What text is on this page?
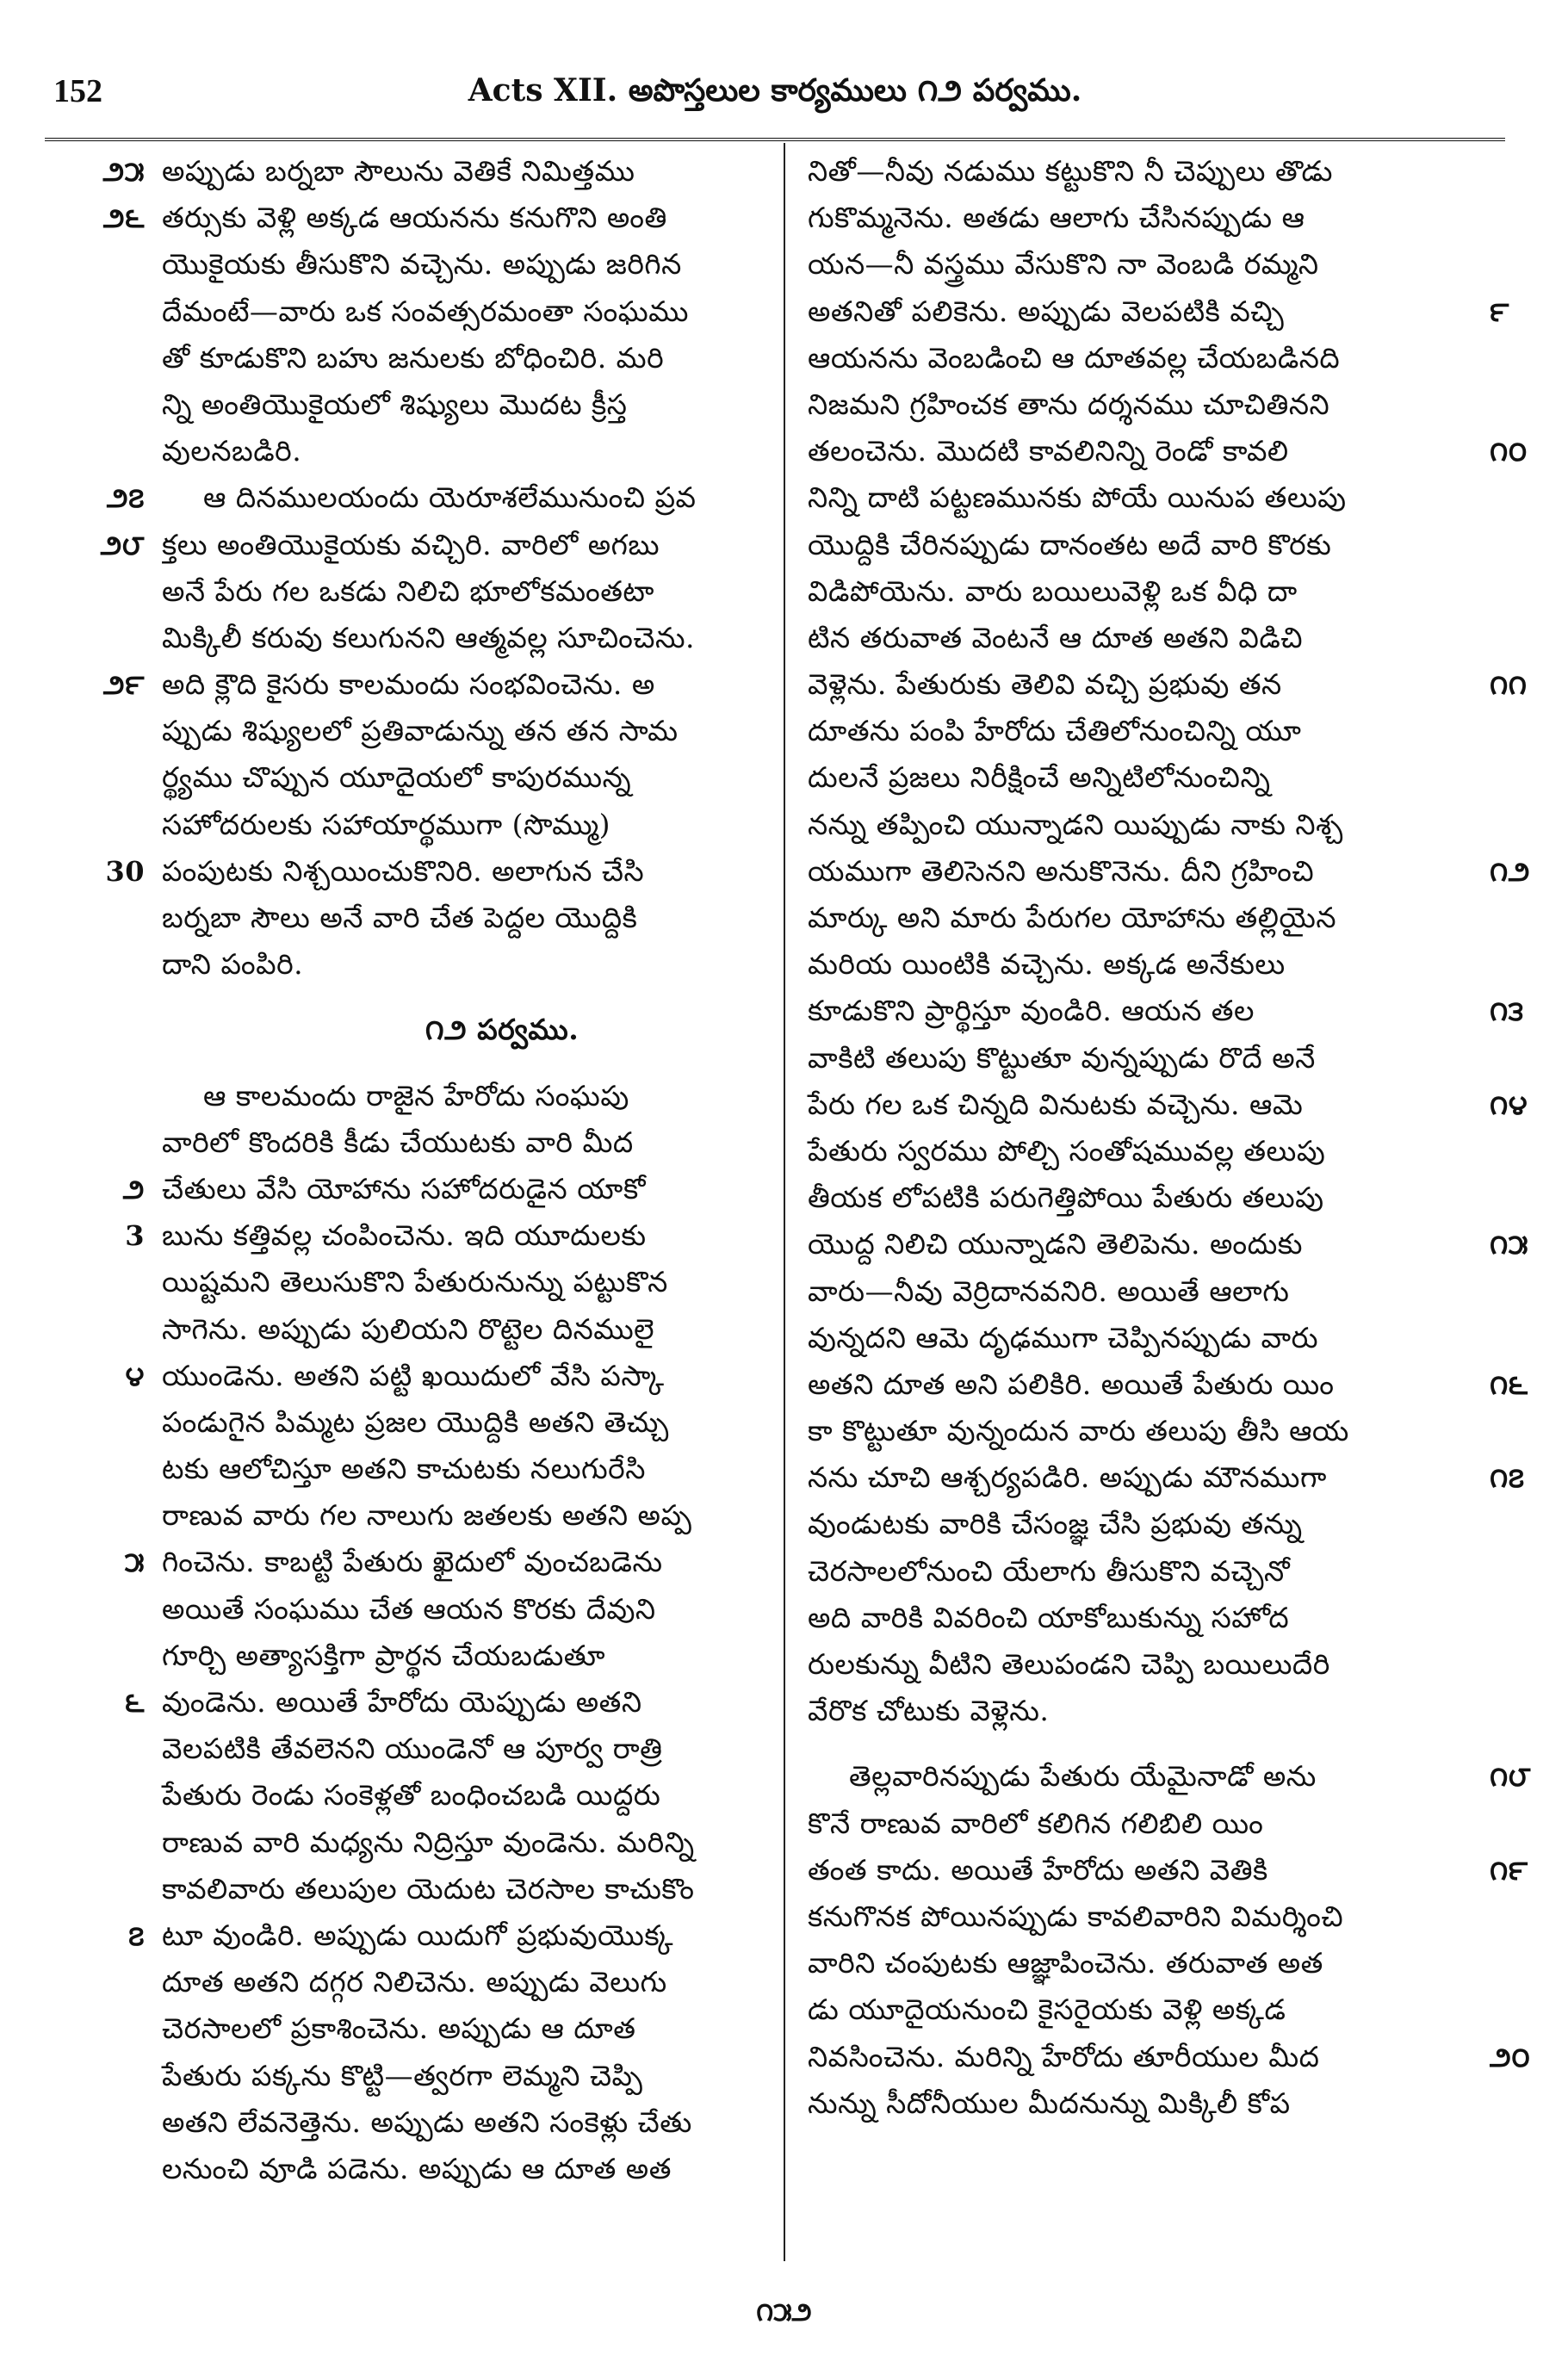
152	Acts XII. అపొస్తలుల కార్యములు ౧౨ పర్వము.
౨౫ అప్పుడు బర్నబా సౌలును వెతికే నిమిత్తము
౨౬ తర్సుకు వెళ్లి అక్కడ ఆయనను కనుగొని అంతి
యొకైయకు తీసుకొని వచ్చెను. అప్పుడు జరిగిన
దేమంటే—వారు ఒక సంవత్సరమంతా సంఘము
తో కూడుకొని బహు జనులకు బోధించిరి. మరి
న్ని అంతియొకైయలో శిష్యులు మొదట క్రీస్త
వులనబడిరి.
౨౭ ఆ దినములయందు యెరూశలేమునుంచి ప్రవ
౨౮ క్తలు అంతియొకైయకు వచ్చిరి. వారిలో అగబు
అనే పేరు గల ఒకడు నిలిచి భూలోకమంతటా
మిక్కిలీ కరువు కలుగునని ఆత్మవల్ల సూచించెను.
౨౯ అది క్లౌది కైసరు కాలమందు సంభవించెను. అ
ప్పుడు శిష్యులలో ప్రతివాడున్ను తన తన సామ
ర్థ్యము చొప్పున యూదైయలో కాపురమున్న
సహోదరులకు సహాయార్థముగా (సొమ్ము)
30 పంపుటకు నిశ్చయించుకొనిరి. అలాగున చేసి
బర్నబా సౌలు అనే వారి చేత పెద్దల యొద్దికి
దాని పంపిరి.
౧౨ పర్వము.
ఆ కాలమందు రాజైన హేరోదు సంఘపు
వారిలో కొందరికి కీడు చేయుటకు వారి మీద
౨ చేతులు వేసి యోహాను సహోదరుడైన యాకో
3 బును కత్తివల్ల చంపించెను. ఇది యూదులకు
యిష్టమని తెలుసుకొని పేతురునున్ను పట్టుకొన
సాగెను. అప్పుడు పులియని రొట్టెల దినములై
౪ యుండెను. అతని పట్టి ఖయిదులో వేసి పస్కా
పండుగైన పిమ్మట ప్రజల యొద్దికి అతని తెచ్చు
టకు ఆలోచిస్తూ అతని కాచుటకు నలుగురేసి
రాణువ వారు గల నాలుగు జతలకు అతని అప్ప
౫ గించెను. కాబట్టి పేతురు ఖైదులో వుంచబడెను
అయితే సంఘము చేత ఆయన కొరకు దేవుని
గూర్చి అత్యాసక్తిగా ప్రార్థన చేయబడుతూ
౬ వుండెను. అయితే హేరోదు యెప్పుడు అతని
వెలపటికి తేవలెనని యుండెనో ఆ పూర్వ రాత్రి
పేతురు రెండు సంకెళ్లతో బంధించబడి యిద్దరు
రాణువ వారి మధ్యను నిద్రిస్తూ వుండెను. మరిన్ని
కావలివారు తలుపుల యెదుట చెరసాల కాచుకొం
౭ టూ వుండిరి. అప్పుడు యిదుగో ప్రభువుయొక్క
దూత అతని దగ్గర నిలిచెను. అప్పుడు వెలుగు
చెరసాలలో ప్రకాశించెను. అప్పుడు ఆ దూత
పేతురు పక్కను కొట్టి—త్వరగా లెమ్మని చెప్పి
అతని లేవనెత్తెను. అప్పుడు అతని సంకెళ్లు చేతు
లనుంచి వూడి పడెను. అప్పుడు ఆ దూత అత
నితో—నీవు నడుము కట్టుకొని నీ చెప్పులు తొడు
గుకొమ్మనెను. అతడు ఆలాగు చేసినప్పుడు ఆ
యన—నీ వస్త్రము వేసుకొని నా వెంబడి రమ్మని
౯
అతనితో పలికెను. అప్పుడు వెలపటికి వచ్చి
ఆయనను వెంబడించి ఆ దూతవల్ల చేయబడినది
నిజమని గ్రహించక తాను దర్శనము చూచితినని
౧౦
తలంచెను. మొదటి కావలినిన్ని రెండో కావలి
నిన్ని దాటి పట్టణమునకు పోయే యినుప తలుపు
యొద్దికి చేరినప్పుడు దానంతట అదే వారి కొరకు
విడిపోయెను. వారు బయిలువెళ్లి ఒక వీధి దా
టిన తరువాత వెంటనే ఆ దూత అతని విడిచి
౧౧
వెళ్లెను. పేతురుకు తెలివి వచ్చి ప్రభువు తన
దూతను పంపి హేరోదు చేతిలోనుంచిన్ని యూ
దులనే ప్రజలు నిరీక్షించే అన్నిటిలోనుంచిన్ని
నన్ను తప్పించి యున్నాడని యిప్పుడు నాకు నిశ్చ
౧౨
యముగా తెలిసెనని అనుకొనెను. దీని గ్రహించి
మార్కు అని మారు పేరుగల యోహాను తల్లియైన
మరియ యింటికి వచ్చెను. అక్కడ అనేకులు
౧౩
కూడుకొని ప్రార్థిస్తూ వుండిరి. ఆయన తల
వాకిటి తలుపు కొట్టుతూ వున్నప్పుడు రొదే అనే
౧౪
పేరు గల ఒక చిన్నది వినుటకు వచ్చెను. ఆమె
పేతురు స్వరము పోల్చి సంతోషమువల్ల తలుపు
తీయక లోపటికి పరుగెత్తిపోయి పేతురు తలుపు
౧౫
యొద్ద నిలిచి యున్నాడని తెలిపెను. అందుకు
వారు—నీవు వెర్రిదానవనిరి. అయితే ఆలాగు
వున్నదని ఆమె దృఢముగా చెప్పినప్పుడు వారు
౧౬
అతని దూత అని పలికిరి. అయితే పేతురు యిం
కా కొట్టుతూ వున్నందున వారు తలుపు తీసి ఆయ
౧౭
నను చూచి ఆశ్చర్యపడిరి. అప్పుడు మౌనముగా
వుండుటకు వారికి చేసంజ్ఞ చేసి ప్రభువు తన్ను
చెరసాలలోనుంచి యేలాగు తీసుకొని వచ్చెనో
అది వారికి వివరించి యాకోబుకున్ను సహోద
రులకున్ను వీటిని తెలుపండని చెప్పి బయిలుదేరి
వేరొక చోటుకు వెళ్లెను.
౧౮
తెల్లవారినప్పుడు పేతురు యేమైనాడో అను
కొనే రాణువ వారిలో కలిగిన గలిబిలి యిం
౧౯
తంత కాదు. అయితే హేరోదు అతని వెతికి
కనుగొనక పోయినప్పుడు కావలివారిని విమర్శించి
వారిని చంపుటకు ఆజ్ఞాపించెను. తరువాత అత
డు యూదైయనుంచి కైసరైయకు వెళ్లి అక్కడ
౨౦
నివసించెను. మరిన్ని హేరోదు తూరీయుల మీద
నున్ను సీదోనీయుల మీదనున్ను మిక్కిలీ కోప
౧౫౨
